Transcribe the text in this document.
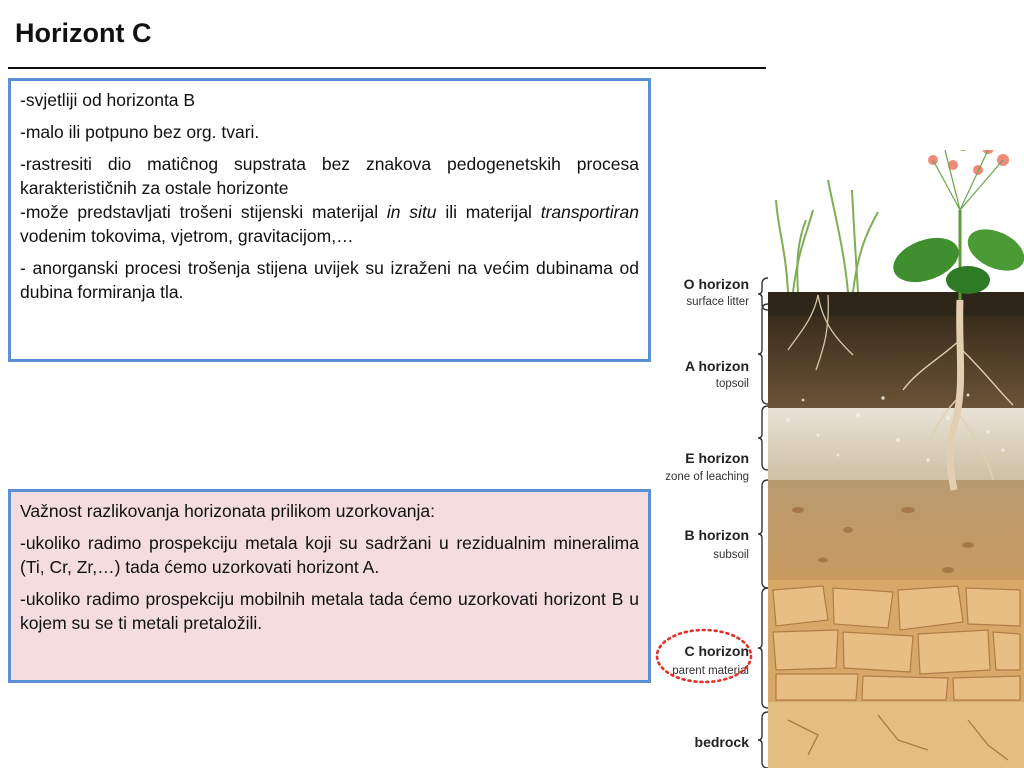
Horizont C

-svjetliji od horizonta B

-malo ili potpuno bez org. tvari.

-rastresiti dio matiĉnog supstrata bez znakova pedogenetskih procesa karakterističnih za ostale horizonte

-može predstavljati trošeni stijenski materijal in situ ili materijal transportiran vodenim tokovima, vjetrom, gravitacijom,…

- anorganski procesi trošenja stijena uvijek su izraženi na većim dubinama od dubina formiranja tla.

Važnost razlikovanja horizonata prilikom uzorkovanja:

-ukoliko radimo prospekciju metala koji su sadržani u rezidualnim mineralima (Ti, Cr, Zr,…) tada ćemo uzorkovati horizont A.

-ukoliko radimo prospekciju mobilnih metala tada ćemo uzorkovati horizont B u kojem su se ti metali pretaložili.

O horizon
surface litter
A horizon
topsoil
E horizon
zone of leaching
B horizon
subsoil
C horizon
parent material
bedrock
